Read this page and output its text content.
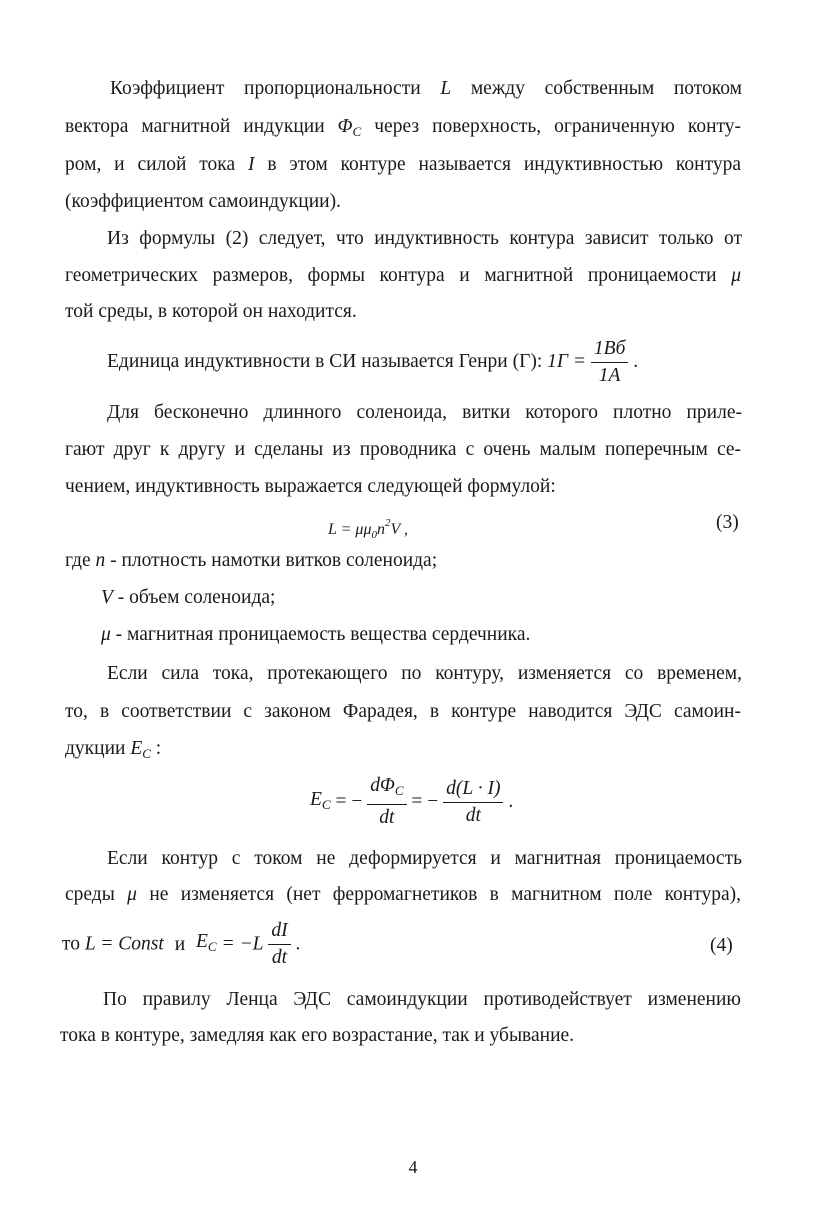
Коэффициент пропорциональности L между собственным потоком
вектора магнитной индукции $\Phi_C$ через поверхность, ограниченную конту-
ром, и силой тока I в этом контуре называется индуктивностью контура
(коэффициентом самоиндукции).
Из формулы (2) следует, что индуктивность контура зависит только от
геометрических размеров, формы контура и магнитной проницаемости μ
той среды, в которой он находится.
Единица индуктивности в СИ называется Генри (Г): $1Г = \frac{1Вб}{1А}$ .
Для бесконечно длинного соленоида, витки которого плотно приле-
гают друг к другу и сделаны из проводника с очень малым поперечным се-
чением, индуктивность выражается следующей формулой:
$L = \mu\mu_0n^2V$ ,	(3)
где n - плотность намотки витков соленоида;
V - объем соленоида;
μ - магнитная проницаемость вещества сердечника.
Если сила тока, протекающего по контуру, изменяется со временем,
то, в соответствии с законом Фарадея, в контуре наводится ЭДС самоин-
дукции $E_C$ :
$E_C$ = − $\frac{d\Phi_C}{dt}$ = − $\frac{d(L \cdot I)}{dt}$ .
Если контур с током не деформируется и магнитная проницаемость
среды μ не изменяется (нет ферромагнетиков в магнитном поле контура),
то L = Const и $E_C = -L \frac{dI}{dt}$ .	(4)
По правилу Ленца ЭДС самоиндукции противодействует изменению
тока в контуре, замедляя как его возрастание, так и убывание.
4
